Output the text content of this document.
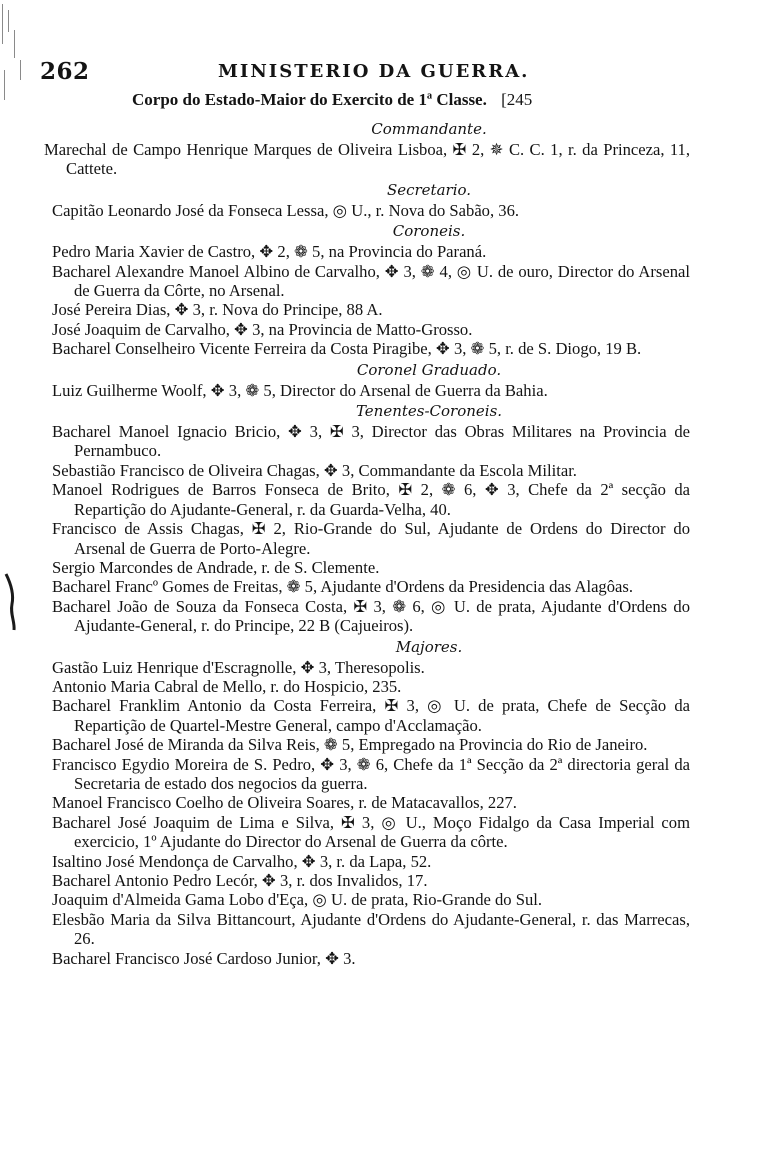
262	MINISTERIO DA GUERRA.
Corpo do Estado-Maior do Exercito de 1ª Classe. [245
Commandante.
Marechal de Campo Henrique Marques de Oliveira Lisboa, ✠ 2, ✵ C. C. 1, r. da Princeza, 11, Cattete.
Secretario.
Capitão Leonardo José da Fonseca Lessa, ◎ U., r. Nova do Sabão, 36.
Coroneis.
Pedro Maria Xavier de Castro, ✥ 2, ❁ 5, na Provincia do Paraná.
Bacharel Alexandre Manoel Albino de Carvalho, ✥ 3, ❁ 4, ◎ U. de ouro, Director do Arsenal de Guerra da Côrte, no Arsenal.
José Pereira Dias, ✥ 3, r. Nova do Principe, 88 A.
José Joaquim de Carvalho, ✥ 3, na Provincia de Matto-Grosso.
Bacharel Conselheiro Vicente Ferreira da Costa Piragibe, ✥ 3, ❁ 5, r. de S. Diogo, 19 B.
Coronel Graduado.
Luiz Guilherme Woolf, ✥ 3, ❁ 5, Director do Arsenal de Guerra da Bahia.
Tenentes-Coroneis.
Bacharel Manoel Ignacio Bricio, ✥ 3, ✠ 3, Director das Obras Militares na Provincia de Pernambuco.
Sebastião Francisco de Oliveira Chagas, ✥ 3, Commandante da Escola Militar.
Manoel Rodrigues de Barros Fonseca de Brito, ✠ 2, ❁ 6, ✥ 3, Chefe da 2ª secção da Repartição do Ajudante-General, r. da Guarda-Velha, 40.
Francisco de Assis Chagas, ✠ 2, Rio-Grande do Sul, Ajudante de Ordens do Director do Arsenal de Guerra de Porto-Alegre.
Sergio Marcondes de Andrade, r. de S. Clemente.
Bacharel Francº Gomes de Freitas, ❁ 5, Ajudante d'Ordens da Presidencia das Alagôas.
Bacharel João de Souza da Fonseca Costa, ✠ 3, ❁ 6, ◎ U. de prata, Ajudante d'Ordens do Ajudante-General, r. do Principe, 22 B (Cajueiros).
Majores.
Gastão Luiz Henrique d'Escragnolle, ✥ 3, Theresopolis.
Antonio Maria Cabral de Mello, r. do Hospicio, 235.
Bacharel Franklim Antonio da Costa Ferreira, ✠ 3, ◎ U. de prata, Chefe de Secção da Repartição de Quartel-Mestre General, campo d'Acclamação.
Bacharel José de Miranda da Silva Reis, ❁ 5, Empregado na Provincia do Rio de Janeiro.
Francisco Egydio Moreira de S. Pedro, ✥ 3, ❁ 6, Chefe da 1ª Secção da 2ª directoria geral da Secretaria de estado dos negocios da guerra.
Manoel Francisco Coelho de Oliveira Soares, r. de Matacavallos, 227.
Bacharel José Joaquim de Lima e Silva, ✠ 3, ◎ U., Moço Fidalgo da Casa Imperial com exercicio, 1º Ajudante do Director do Arsenal de Guerra da côrte.
Isaltino José Mendonça de Carvalho, ✥ 3, r. da Lapa, 52.
Bacharel Antonio Pedro Lecór, ✥ 3, r. dos Invalidos, 17.
Joaquim d'Almeida Gama Lobo d'Eça, ◎ U. de prata, Rio-Grande do Sul.
Elesbão Maria da Silva Bittancourt, Ajudante d'Ordens do Ajudante-General, r. das Marrecas, 26.
Bacharel Francisco José Cardoso Junior, ✥ 3.
